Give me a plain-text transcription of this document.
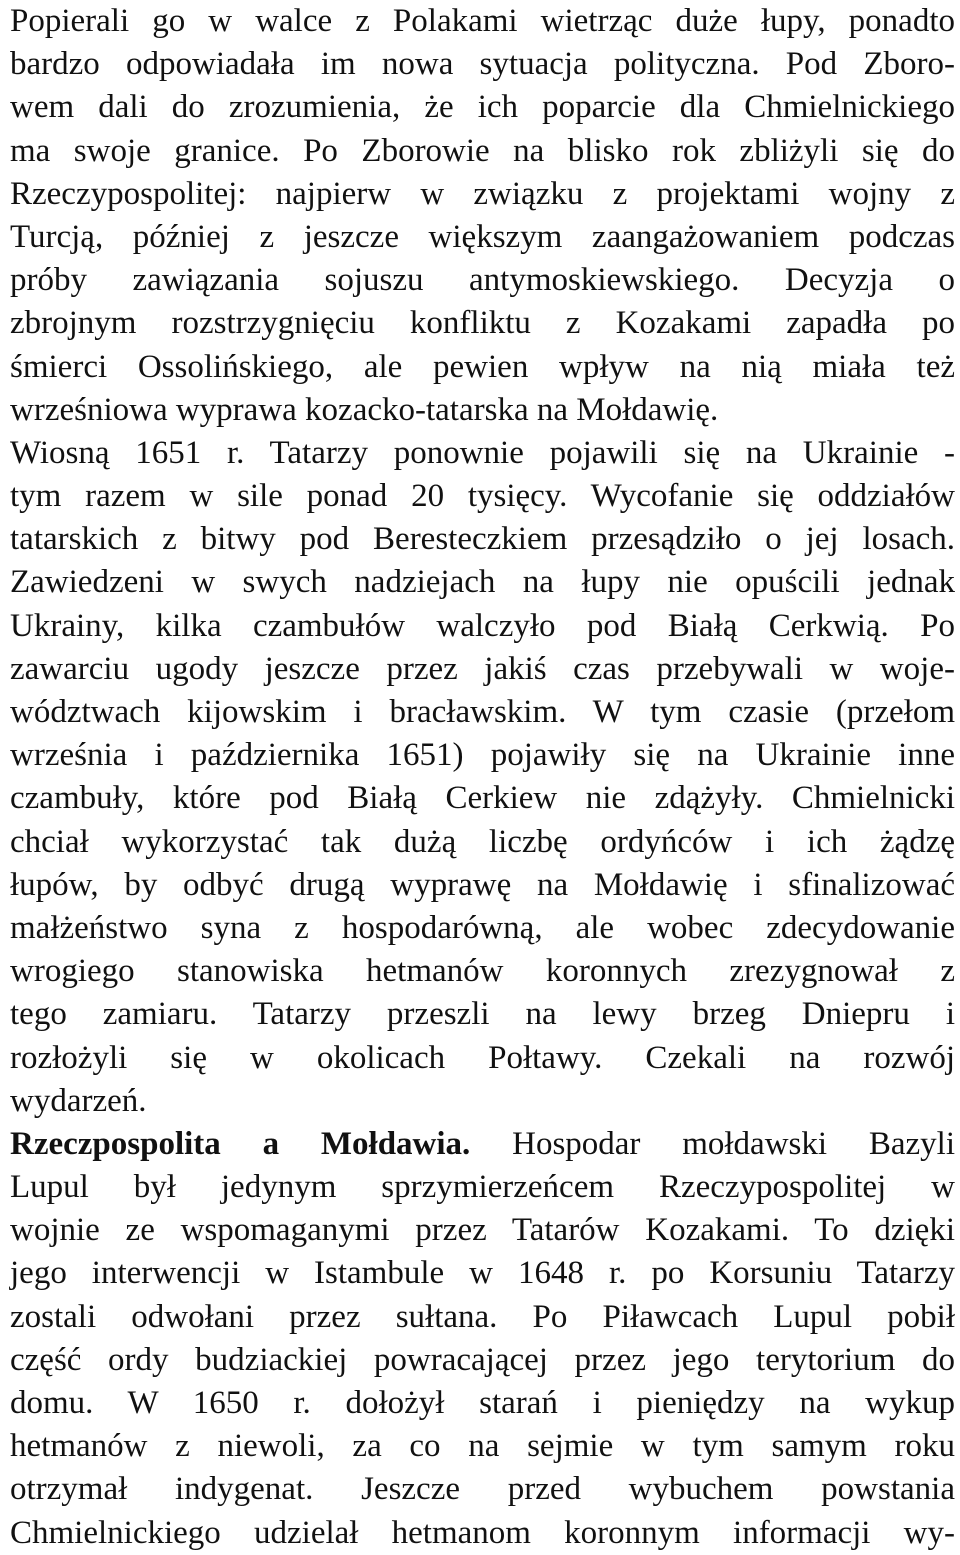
Popierali go w walce z Polakami wietrząc duże łupy, ponadto
bardzo odpowiadała im nowa sytuacja polityczna. Pod Zboro-
wem dali do zrozumienia, że ich poparcie dla Chmielnickiego
ma swoje granice. Po Zborowie na blisko rok zbliżyli się do
Rzeczypospolitej: najpierw w związku z projektami wojny z
Turcją, później z jeszcze większym zaangażowaniem podczas
próby zawiązania sojuszu antymoskiewskiego. Decyzja o
zbrojnym rozstrzygnięciu konfliktu z Kozakami zapadła po
śmierci Ossolińskiego, ale pewien wpływ na nią miała też
wrześniowa wyprawa kozacko-tatarska na Mołdawię.
Wiosną 1651 r. Tatarzy ponownie pojawili się na Ukrainie -
tym razem w sile ponad 20 tysięcy. Wycofanie się oddziałów
tatarskich z bitwy pod Beresteczkiem przesądziło o jej losach.
Zawiedzeni w swych nadziejach na łupy nie opuścili jednak
Ukrainy, kilka czambułów walczyło pod Białą Cerkwią. Po
zawarciu ugody jeszcze przez jakiś czas przebywali w woje-
wództwach kijowskim i bracławskim. W tym czasie (przełom
września i października 1651) pojawiły się na Ukrainie inne
czambuły, które pod Białą Cerkiew nie zdążyły. Chmielnicki
chciał wykorzystać tak dużą liczbę ordyńców i ich żądzę
łupów, by odbyć drugą wyprawę na Mołdawię i sfinalizować
małżeństwo syna z hospodarówną, ale wobec zdecydowanie
wrogiego stanowiska hetmanów koronnych zrezygnował z
tego zamiaru. Tatarzy przeszli na lewy brzeg Dniepru i
rozłożyli się w okolicach Połtawy. Czekali na rozwój
wydarzeń.
Rzeczpospolita a Mołdawia. Hospodar mołdawski Bazyli
Lupul był jedynym sprzymierzeńcem Rzeczypospolitej w
wojnie ze wspomaganymi przez Tatarów Kozakami. To dzięki
jego interwencji w Istambule w 1648 r. po Korsuniu Tatarzy
zostali odwołani przez sułtana. Po Piławcach Lupul pobił
część ordy budziackiej powracającej przez jego terytorium do
domu. W 1650 r. dołożył starań i pieniędzy na wykup
hetmanów z niewoli, za co na sejmie w tym samym roku
otrzymał indygenat. Jeszcze przed wybuchem powstania
Chmielnickiego udzielał hetmanom koronnym informacji wy-
